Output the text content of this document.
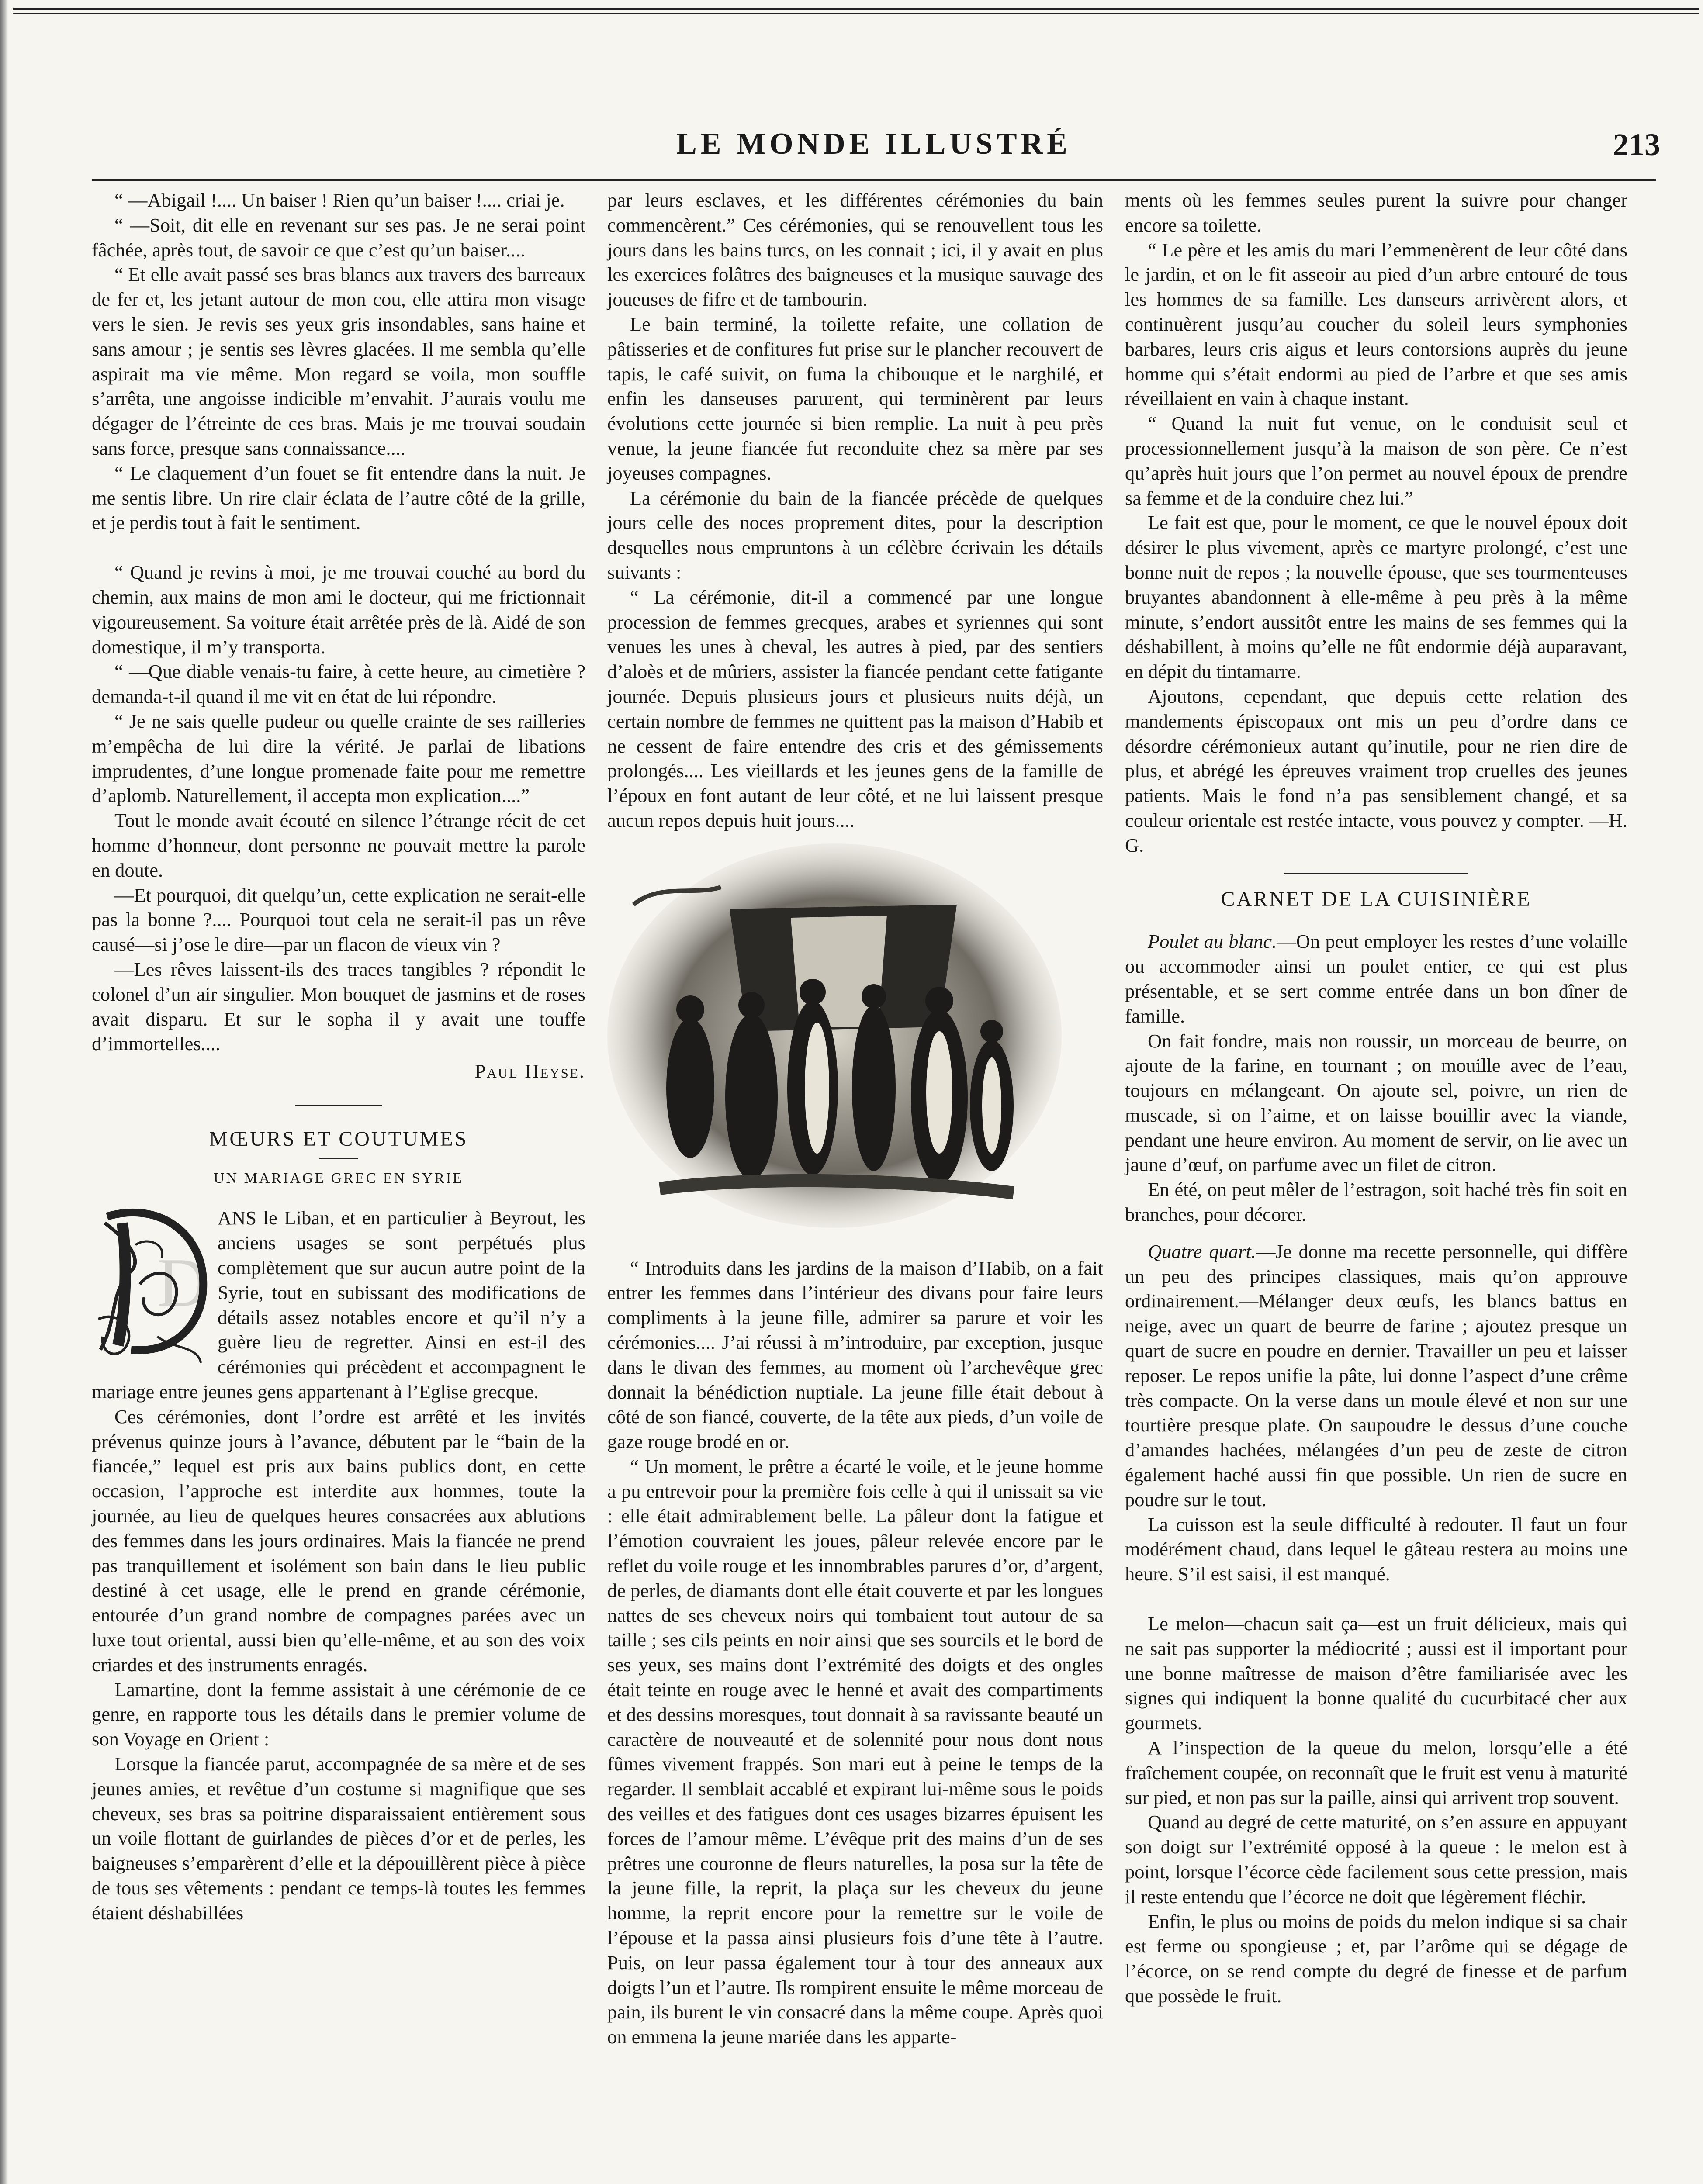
LE MONDE ILLUSTRÉ	213

“ —Abigail !.... Un baiser ! Rien qu’un baiser !.... criai je.

“ —Soit, dit elle en revenant sur ses pas. Je ne serai point fâchée, après tout, de savoir ce que c’est qu’un baiser....

“ Et elle avait passé ses bras blancs aux travers des barreaux de fer et, les jetant autour de mon cou, elle attira mon visage vers le sien. Je revis ses yeux gris insondables, sans haine et sans amour ; je sentis ses lèvres glacées. Il me sembla qu’elle aspirait ma vie même. Mon regard se voila, mon souffle s’arrêta, une angoisse indicible m’envahit. J’aurais voulu me dégager de l’étreinte de ces bras. Mais je me trouvai soudain sans force, presque sans connaissance....

“ Le claquement d’un fouet se fit entendre dans la nuit. Je me sentis libre. Un rire clair éclata de l’autre côté de la grille, et je perdis tout à fait le sentiment.

“ Quand je revins à moi, je me trouvai couché au bord du chemin, aux mains de mon ami le docteur, qui me frictionnait vigoureusement. Sa voiture était arrêtée près de là. Aidé de son domestique, il m’y transporta.

“ —Que diable venais-tu faire, à cette heure, au cimetière ? demanda-t-il quand il me vit en état de lui répondre.

“ Je ne sais quelle pudeur ou quelle crainte de ses railleries m’empêcha de lui dire la vérité. Je parlai de libations imprudentes, d’une longue promenade faite pour me remettre d’aplomb. Naturellement, il accepta mon explication....”

Tout le monde avait écouté en silence l’étrange récit de cet homme d’honneur, dont personne ne pouvait mettre la parole en doute.

—Et pourquoi, dit quelqu’un, cette explication ne serait-elle pas la bonne ?.... Pourquoi tout cela ne serait-il pas un rêve causé—si j’ose le dire—par un flacon de vieux vin ?

—Les rêves laissent-ils des traces tangibles ? répondit le colonel d’un air singulier. Mon bouquet de jasmins et de roses avait disparu. Et sur le sopha il y avait une touffe d’immortelles....

Paul Heyse.

MŒURS ET COUTUMES
UN MARIAGE GREC EN SYRIE
D

ANS le Liban, et en particulier à Beyrout, les anciens usages se sont perpétués plus complètement que sur aucun autre point de la Syrie, tout en subissant des modifications de détails assez notables encore et qu’il n’y a guère lieu de regretter. Ainsi en est-il des cérémonies qui précèdent et accompagnent le mariage entre jeunes gens appartenant à l’Eglise grecque.

Ces cérémonies, dont l’ordre est arrêté et les invités prévenus quinze jours à l’avance, débutent par le “bain de la fiancée,” lequel est pris aux bains publics dont, en cette occasion, l’approche est interdite aux hommes, toute la journée, au lieu de quelques heures consacrées aux ablutions des femmes dans les jours ordinaires. Mais la fiancée ne prend pas tranquillement et isolément son bain dans le lieu public destiné à cet usage, elle le prend en grande cérémonie, entourée d’un grand nombre de compagnes parées avec un luxe tout oriental, aussi bien qu’elle-même, et au son des voix criardes et des instruments enragés.

Lamartine, dont la femme assistait à une cérémonie de ce genre, en rapporte tous les détails dans le premier volume de son Voyage en Orient :

Lorsque la fiancée parut, accompagnée de sa mère et de ses jeunes amies, et revêtue d’un costume si magnifique que ses cheveux, ses bras sa poitrine disparaissaient entièrement sous un voile flottant de guirlandes de pièces d’or et de perles, les baigneuses s’emparèrent d’elle et la dépouillèrent pièce à pièce de tous ses vêtements : pendant ce temps-là toutes les femmes étaient déshabillées

par leurs esclaves, et les différentes cérémonies du bain commencèrent.” Ces cérémonies, qui se renouvellent tous les jours dans les bains turcs, on les connait ; ici, il y avait en plus les exercices folâtres des baigneuses et la musique sauvage des joueuses de fifre et de tambourin.

Le bain terminé, la toilette refaite, une collation de pâtisseries et de confitures fut prise sur le plancher recouvert de tapis, le café suivit, on fuma la chibouque et le narghilé, et enfin les danseuses parurent, qui terminèrent par leurs évolutions cette journée si bien remplie. La nuit à peu près venue, la jeune fiancée fut reconduite chez sa mère par ses joyeuses compagnes.

La cérémonie du bain de la fiancée précède de quelques jours celle des noces proprement dites, pour la description desquelles nous empruntons à un célèbre écrivain les détails suivants :

“ La cérémonie, dit-il a commencé par une longue procession de femmes grecques, arabes et syriennes qui sont venues les unes à cheval, les autres à pied, par des sentiers d’aloès et de mûriers, assister la fiancée pendant cette fatigante journée. Depuis plusieurs jours et plusieurs nuits déjà, un certain nombre de femmes ne quittent pas la maison d’Habib et ne cessent de faire entendre des cris et des gémissements prolongés.... Les vieillards et les jeunes gens de la famille de l’époux en font autant de leur côté, et ne lui laissent presque aucun repos depuis huit jours....

“ Introduits dans les jardins de la maison d’Habib, on a fait entrer les femmes dans l’intérieur des divans pour faire leurs compliments à la jeune fille, admirer sa parure et voir les cérémonies.... J’ai réussi à m’introduire, par exception, jusque dans le divan des femmes, au moment où l’archevêque grec donnait la bénédiction nuptiale. La jeune fille était debout à côté de son fiancé, couverte, de la tête aux pieds, d’un voile de gaze rouge brodé en or.

“ Un moment, le prêtre a écarté le voile, et le jeune homme a pu entrevoir pour la première fois celle à qui il unissait sa vie : elle était admirablement belle. La pâleur dont la fatigue et l’émotion couvraient les joues, pâleur relevée encore par le reflet du voile rouge et les innombrables parures d’or, d’argent, de perles, de diamants dont elle était couverte et par les longues nattes de ses cheveux noirs qui tombaient tout autour de sa taille ; ses cils peints en noir ainsi que ses sourcils et le bord de ses yeux, ses mains dont l’extrémité des doigts et des ongles était teinte en rouge avec le henné et avait des compartiments et des dessins moresques, tout donnait à sa ravissante beauté un caractère de nouveauté et de solennité pour nous dont nous fûmes vivement frappés. Son mari eut à peine le temps de la regarder. Il semblait accablé et expirant lui-même sous le poids des veilles et des fatigues dont ces usages bizarres épuisent les forces de l’amour même. L’évêque prit des mains d’un de ses prêtres une couronne de fleurs naturelles, la posa sur la tête de la jeune fille, la reprit, la plaça sur les cheveux du jeune homme, la reprit encore pour la remettre sur le voile de l’épouse et la passa ainsi plusieurs fois d’une tête à l’autre. Puis, on leur passa également tour à tour des anneaux aux doigts l’un et l’autre. Ils rompirent ensuite le même morceau de pain, ils burent le vin consacré dans la même coupe. Après quoi on emmena la jeune mariée dans les apparte-

ments où les femmes seules purent la suivre pour changer encore sa toilette.

“ Le père et les amis du mari l’emmenèrent de leur côté dans le jardin, et on le fit asseoir au pied d’un arbre entouré de tous les hommes de sa famille. Les danseurs arrivèrent alors, et continuèrent jusqu’au coucher du soleil leurs symphonies barbares, leurs cris aigus et leurs contorsions auprès du jeune homme qui s’était endormi au pied de l’arbre et que ses amis réveillaient en vain à chaque instant.

“ Quand la nuit fut venue, on le conduisit seul et processionnellement jusqu’à la maison de son père. Ce n’est qu’après huit jours que l’on permet au nouvel époux de prendre sa femme et de la conduire chez lui.”

Le fait est que, pour le moment, ce que le nouvel époux doit désirer le plus vivement, après ce martyre prolongé, c’est une bonne nuit de repos ; la nouvelle épouse, que ses tourmenteuses bruyantes abandonnent à elle-même à peu près à la même minute, s’endort aussitôt entre les mains de ses femmes qui la déshabillent, à moins qu’elle ne fût endormie déjà auparavant, en dépit du tintamarre.

Ajoutons, cependant, que depuis cette relation des mandements épiscopaux ont mis un peu d’ordre dans ce désordre cérémonieux autant qu’inutile, pour ne rien dire de plus, et abrégé les épreuves vraiment trop cruelles des jeunes patients. Mais le fond n’a pas sensiblement changé, et sa couleur orientale est restée intacte, vous pouvez y compter. —H. G.

CARNET DE LA CUISINIÈRE

Poulet au blanc.—On peut employer les restes d’une volaille ou accommoder ainsi un poulet entier, ce qui est plus présentable, et se sert comme entrée dans un bon dîner de famille.

On fait fondre, mais non roussir, un morceau de beurre, on ajoute de la farine, en tournant ; on mouille avec de l’eau, toujours en mélangeant. On ajoute sel, poivre, un rien de muscade, si on l’aime, et on laisse bouillir avec la viande, pendant une heure environ. Au moment de servir, on lie avec un jaune d’œuf, on parfume avec un filet de citron.

En été, on peut mêler de l’estragon, soit haché très fin soit en branches, pour décorer.

Quatre quart.—Je donne ma recette personnelle, qui diffère un peu des principes classiques, mais qu’on approuve ordinairement.—Mélanger deux œufs, les blancs battus en neige, avec un quart de beurre de farine ; ajoutez presque un quart de sucre en poudre en dernier. Travailler un peu et laisser reposer. Le repos unifie la pâte, lui donne l’aspect d’une crême très compacte. On la verse dans un moule élevé et non sur une tourtière presque plate. On saupoudre le dessus d’une couche d’amandes hachées, mélangées d’un peu de zeste de citron également haché aussi fin que possible. Un rien de sucre en poudre sur le tout.

La cuisson est la seule difficulté à redouter. Il faut un four modérément chaud, dans lequel le gâteau restera au moins une heure. S’il est saisi, il est manqué.

Le melon—chacun sait ça—est un fruit délicieux, mais qui ne sait pas supporter la médiocrité ; aussi est il important pour une bonne maîtresse de maison d’être familiarisée avec les signes qui indiquent la bonne qualité du cucurbitacé cher aux gourmets.

A l’inspection de la queue du melon, lorsqu’elle a été fraîchement coupée, on reconnaît que le fruit est venu à maturité sur pied, et non pas sur la paille, ainsi qui arrivent trop souvent.

Quand au degré de cette maturité, on s’en assure en appuyant son doigt sur l’extrémité opposé à la queue : le melon est à point, lorsque l’écorce cède facilement sous cette pression, mais il reste entendu que l’écorce ne doit que légèrement fléchir.

Enfin, le plus ou moins de poids du melon indique si sa chair est ferme ou spongieuse ; et, par l’arôme qui se dégage de l’écorce, on se rend compte du degré de finesse et de parfum que possède le fruit.
